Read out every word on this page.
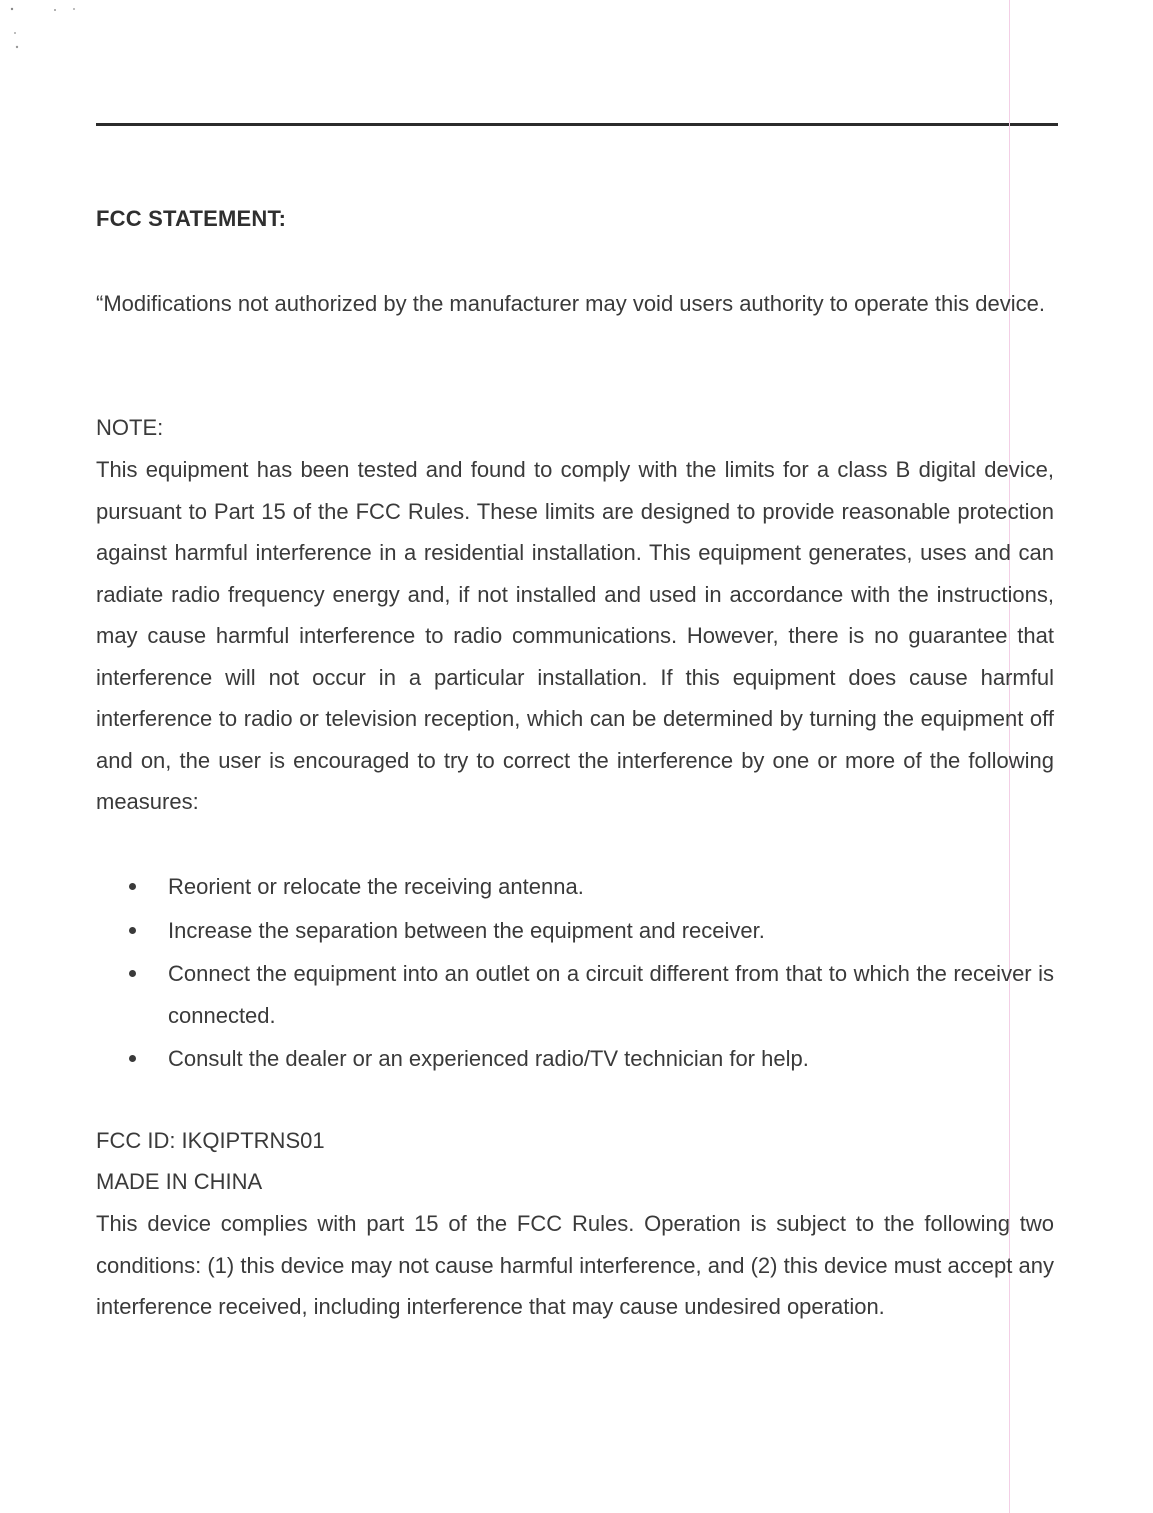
FCC STATEMENT:

“Modifications not authorized by the manufacturer may void users authority to operate this device.

NOTE:

This equipment has been tested and found to comply with the limits for a class B digital device, pursuant to Part 15 of the FCC Rules. These limits are designed to provide reasonable protection against harmful interference in a residential installation. This equipment generates, uses and can radiate radio frequency energy and, if not installed and used in accordance with the instructions, may cause harmful interference to radio communications. However, there is no guarantee that interference will not occur in a particular installation. If this equipment does cause harmful interference to radio or television reception, which can be determined by turning the equipment off and on, the user is encouraged to try to correct the interference by one or more of the following measures:

Reorient or relocate the receiving antenna.
Increase the separation between the equipment and receiver.
Connect the equipment into an outlet on a circuit different from that to which the receiver is connected.
Consult the dealer or an experienced radio/TV technician for help.
FCC ID: IKQIPTRNS01
MADE IN CHINA

This device complies with part 15 of the FCC Rules. Operation is subject to the following two conditions: (1) this device may not cause harmful interference, and (2) this device must accept any interference received, including interference that may cause undesired operation.
